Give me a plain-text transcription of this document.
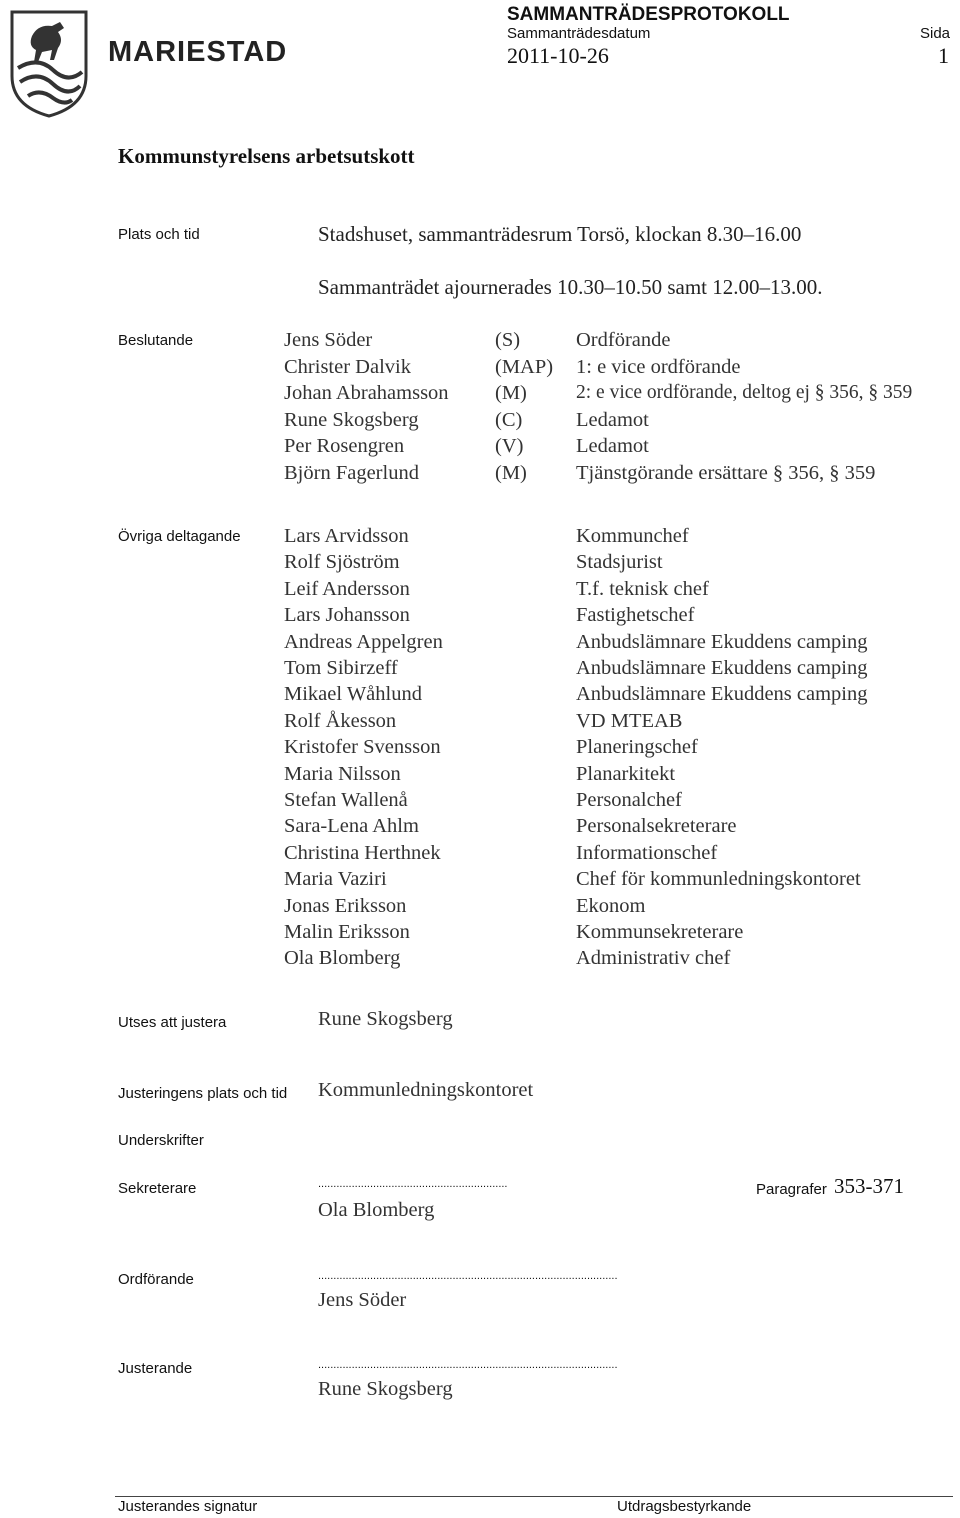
MARIESTAD
SAMMANTRÄDESPROTOKOLL
Sammanträdesdatum	Sida
2011-10-26	1
Kommunstyrelsens arbetsutskott
Plats och tid	Stadshuset, sammanträdesrum Torsö, klockan 8.30–16.00
Sammanträdet ajournerades 10.30–10.50 samt 12.00–13.00.
Beslutande	Jens Söder	(S)	Ordförande
Christer Dalvik	(MAP) 1: e vice ordförande
Johan Abrahamsson (M)	2: e vice ordförande, deltog ej § 356, § 359
Rune Skogsberg	(C)	Ledamot
Per Rosengren	(V)	Ledamot
Björn Fagerlund	(M) Tjänstgörande ersättare § 356, § 359
Övriga deltagande Lars Arvidsson	Kommunchef
Rolf Sjöström	Stadsjurist
Leif Andersson	T.f. teknisk chef
Lars Johansson	Fastighetschef
Andreas Appelgren	Anbudslämnare Ekuddens camping
Tom Sibirzeff	Anbudslämnare Ekuddens camping
Mikael Wåhlund	Anbudslämnare Ekuddens camping
Rolf Åkesson	VD MTEAB
Kristofer Svensson	Planeringschef
Maria Nilsson	Planarkitekt
Stefan Wallenå	Personalchef
Sara-Lena Ahlm	Personalsekreterare
Christina Herthnek	Informationschef
Maria Vaziri	Chef för kommunledningskontoret
Jonas Eriksson	Ekonom
Malin Eriksson	Kommunsekreterare
Ola Blomberg	Administrativ chef
Utses att justera	Rune Skogsberg
Justeringens plats och tid Kommunledningskontoret
Underskrifter
Sekreterare	..............................................................	Paragrafer 353-371
Ola Blomberg
Ordförande	..................................................................................................
Jens Söder
Justerande	..................................................................................................
Rune Skogsberg
Justerandes signatur	Utdragsbestyrkande
